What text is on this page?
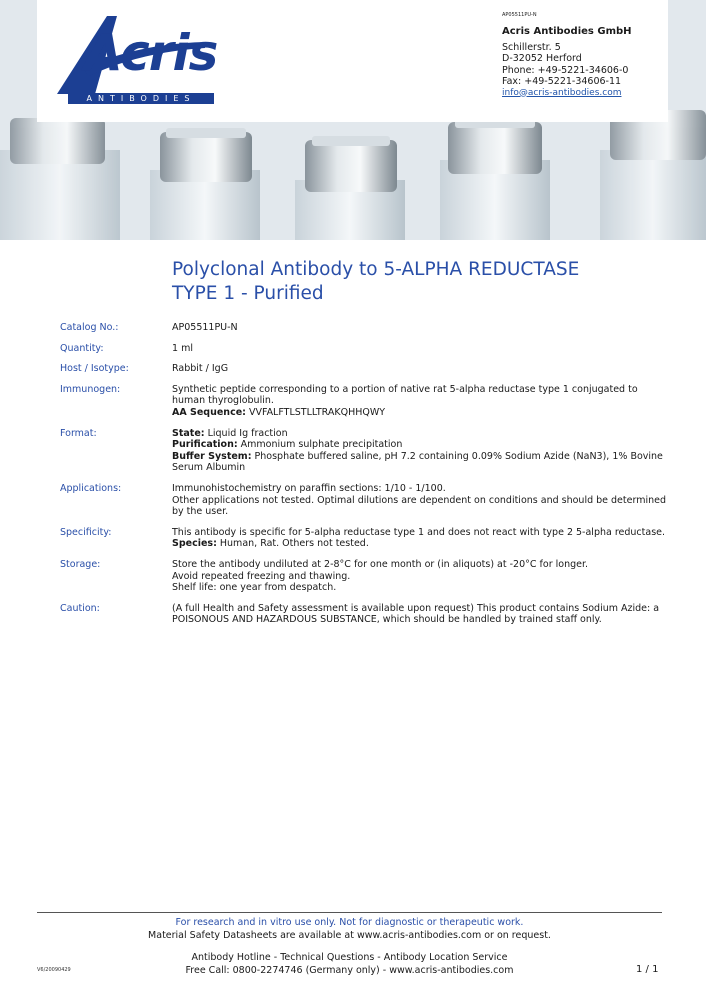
Acris
ANTIBODIES
AP05511PU-N
Acris Antibodies GmbH
Schillerstr. 5
D-32052 Herford
Phone: +49-5221-34606-0
Fax: +49-5221-34606-11
info@acris-antibodies.com
Polyclonal Antibody to 5-ALPHA REDUCTASE
TYPE 1 - Purified
Catalog No.:	AP05511PU-N
Quantity:	1 ml
Host / Isotype:	Rabbit / IgG
Immunogen:	Synthetic peptide corresponding to a portion of native rat 5-alpha reductase type 1 conjugated to human thyroglobulin.
AA Sequence: VVFALFTLSTLLTRAKQHHQWY
Format:	State: Liquid Ig fraction
Purification: Ammonium sulphate precipitation
Buffer System: Phosphate buffered saline, pH 7.2 containing 0.09% Sodium Azide (NaN3), 1% Bovine Serum Albumin
Applications:	Immunohistochemistry on paraffin sections: 1/10 - 1/100.
Other applications not tested. Optimal dilutions are dependent on conditions and should be determined by the user.
Specificity:	This antibody is specific for 5-alpha reductase type 1 and does not react with type 2 5-alpha reductase.
Species: Human, Rat. Others not tested.
Storage:	Store the antibody undiluted at 2-8°C for one month or (in aliquots) at -20°C for longer.
Avoid repeated freezing and thawing.
Shelf life: one year from despatch.
Caution:	(A full Health and Safety assessment is available upon request) This product contains Sodium Azide: a POISONOUS AND HAZARDOUS SUBSTANCE, which should be handled by trained staff only.
For research and in vitro use only. Not for diagnostic or therapeutic work.
Material Safety Datasheets are available at www.acris-antibodies.com or on request.
Antibody Hotline - Technical Questions - Antibody Location Service
Free Call: 0800-2274746 (Germany only) - www.acris-antibodies.com
V6/20090429	1 / 1
